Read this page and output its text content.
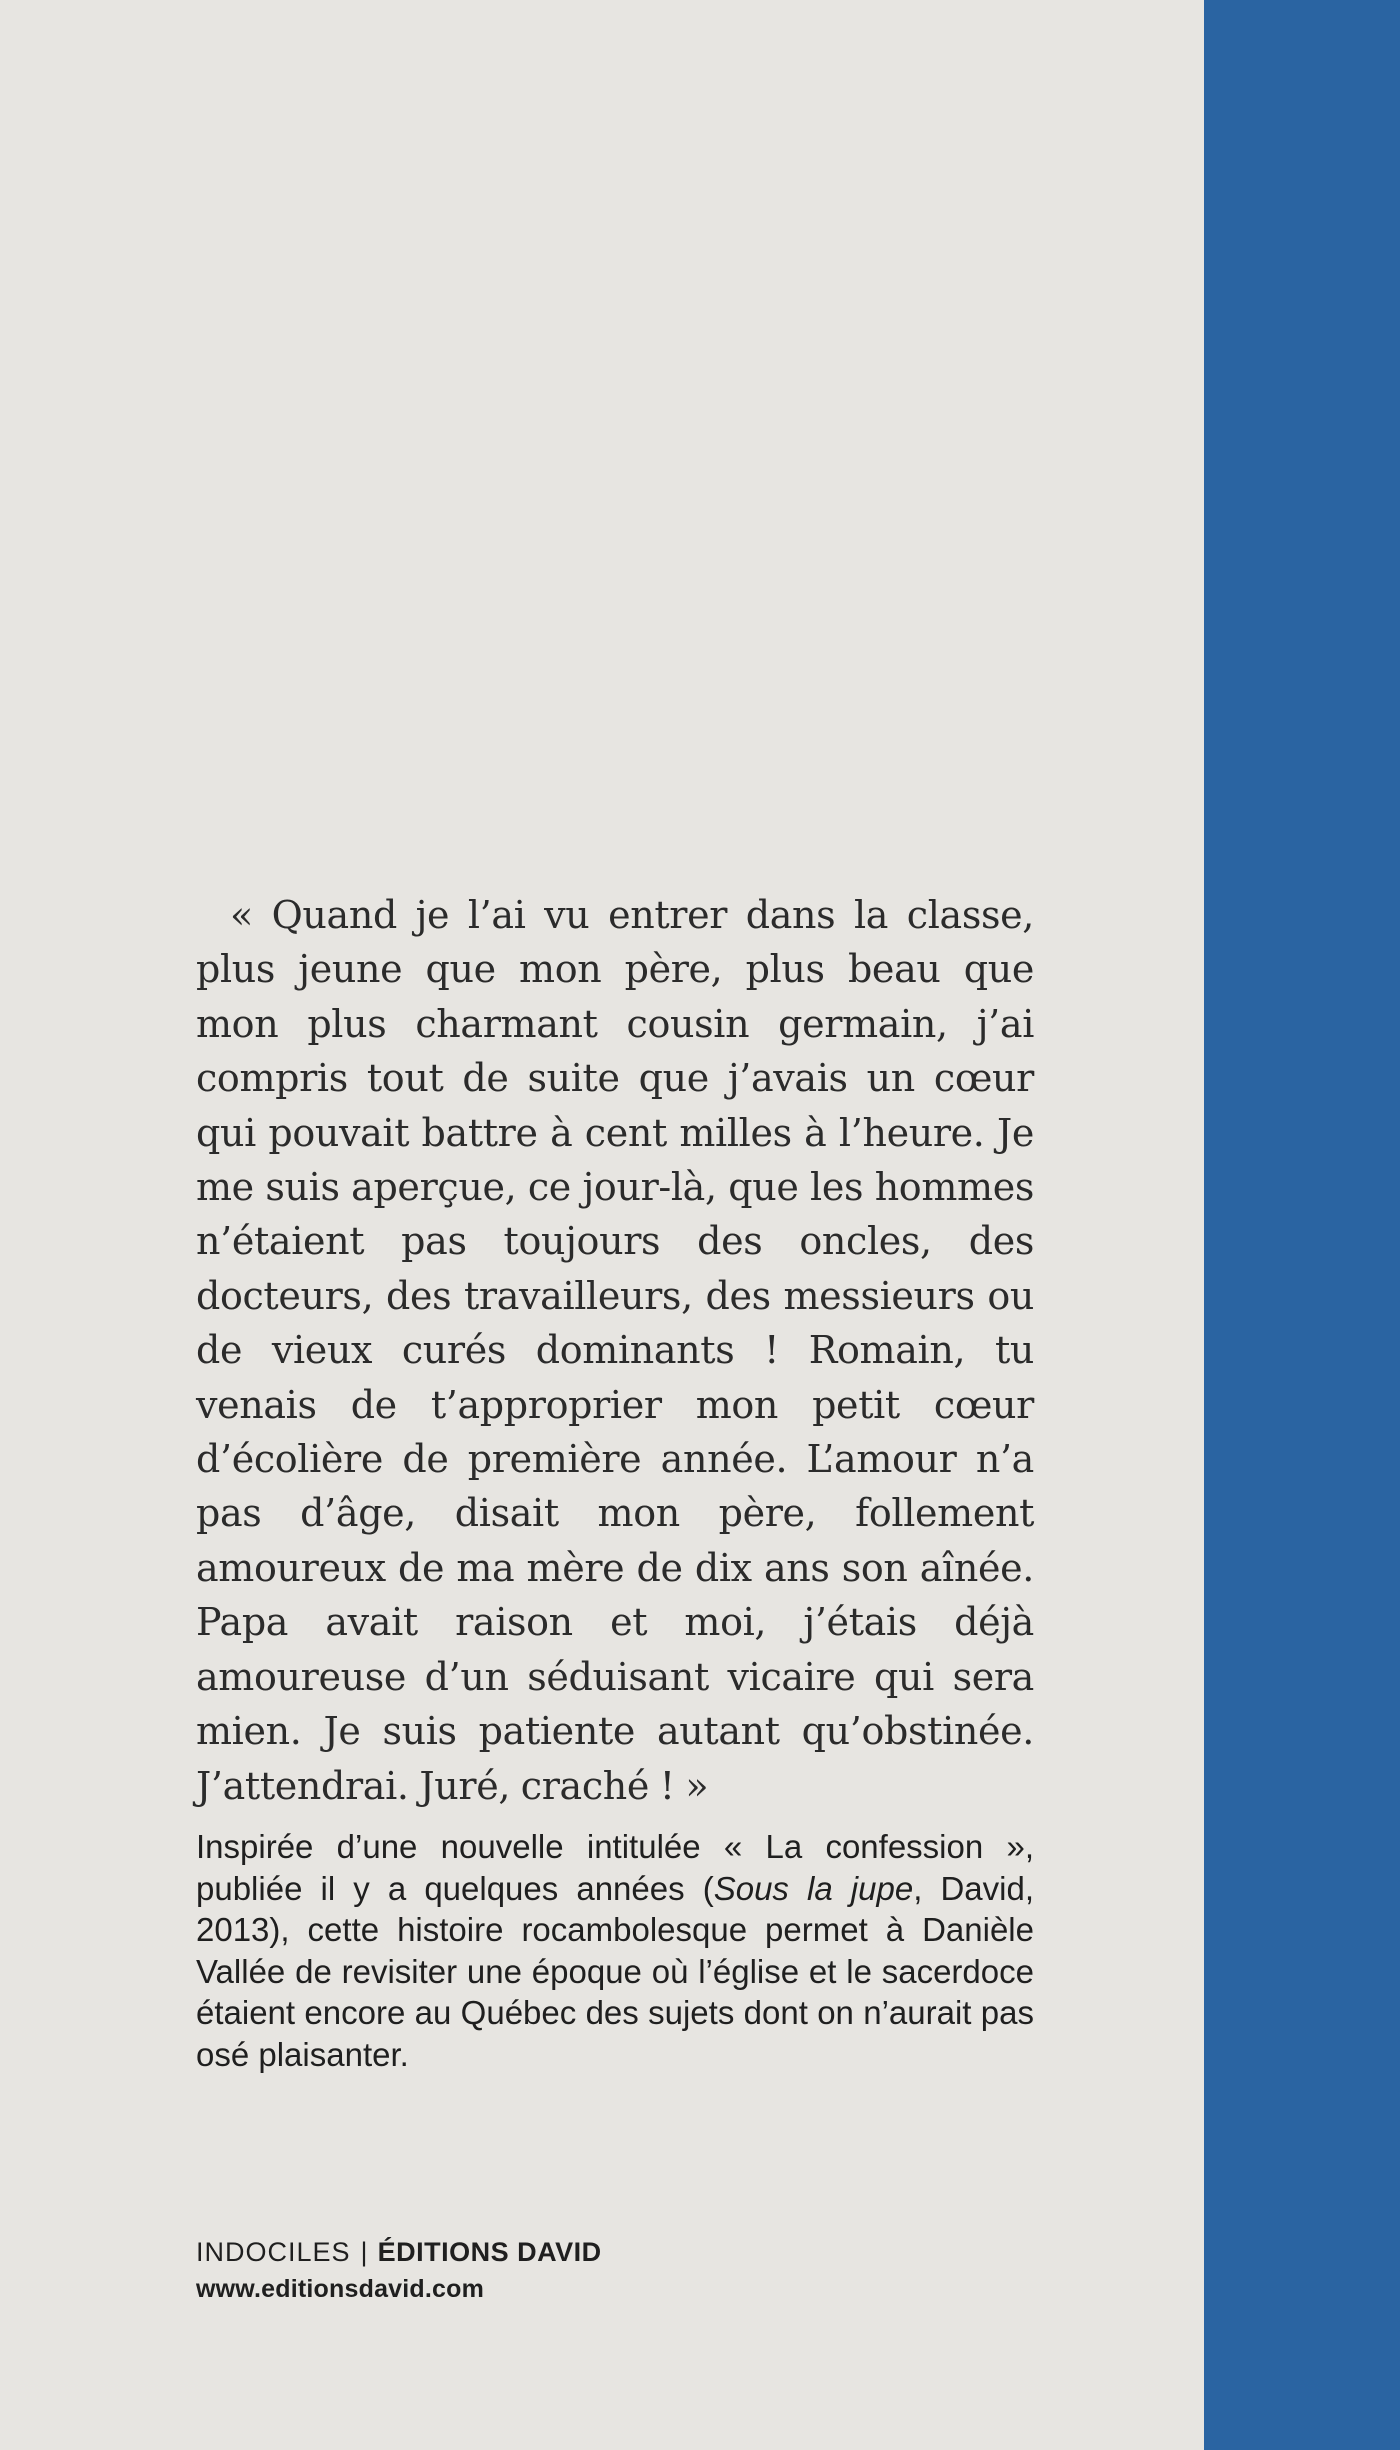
« Quand je l’ai vu entrer dans la classe, plus jeune que mon père, plus beau que mon plus charmant cousin germain, j’ai compris tout de suite que j’avais un cœur qui pouvait battre à cent milles à l’heure. Je me suis aperçue, ce jour-là, que les hommes n’étaient pas toujours des oncles, des docteurs, des travailleurs, des messieurs ou de vieux curés dominants ! Romain, tu venais de t’approprier mon petit cœur d’écolière de première année. L’amour n’a pas d’âge, disait mon père, follement amoureux de ma mère de dix ans son aînée. Papa avait raison et moi, j’étais déjà amoureuse d’un séduisant vicaire qui sera mien. Je suis patiente autant qu’obstinée. J’attendrai. Juré, craché ! »

Inspirée d’une nouvelle intitulée « La confession », publiée il y a quelques années (Sous la jupe, David, 2013), cette histoire rocambolesque permet à Danièle Vallée de revisiter une époque où l’église et le sacerdoce étaient encore au Québec des sujets dont on n’aurait pas osé plaisanter.

INDOCILES | ÉDITIONS DAVID
www.editionsdavid.com
